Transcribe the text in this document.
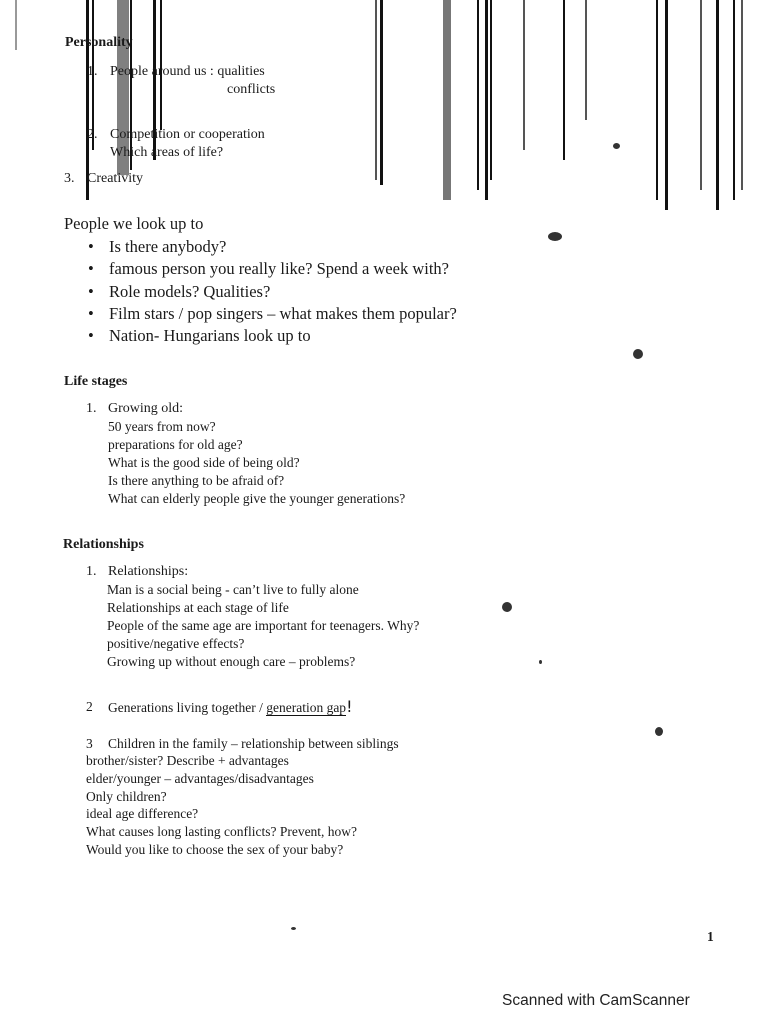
Personality
1. People around us : qualities
conflicts
2. Competition or cooperation
Which areas of life?
3. Creativity
People we look up to
• Is there anybody?
• famous person you really like? Spend a week with?
• Role models? Qualities?
• Film stars / pop singers – what makes them popular?
• Nation- Hungarians look up to
Life stages
1. Growing old:
50 years from now?
preparations for old age?
What is the good side of being old?
Is there anything to be afraid of?
What can elderly people give the younger generations?
Relationships
1. Relationships:
Man is a social being - can’t live to fully alone
Relationships at each stage of life
People of the same age are important for teenagers. Why?
positive/negative effects?
Growing up without enough care – problems?
2 Generations living together / generation gap!
3 Children in the family – relationship between siblings
brother/sister? Describe + advantages
elder/younger – advantages/disadvantages
Only children?
ideal age difference?
What causes long lasting conflicts? Prevent, how?
Would you like to choose the sex of your baby?
1
Scanned with CamScanner
